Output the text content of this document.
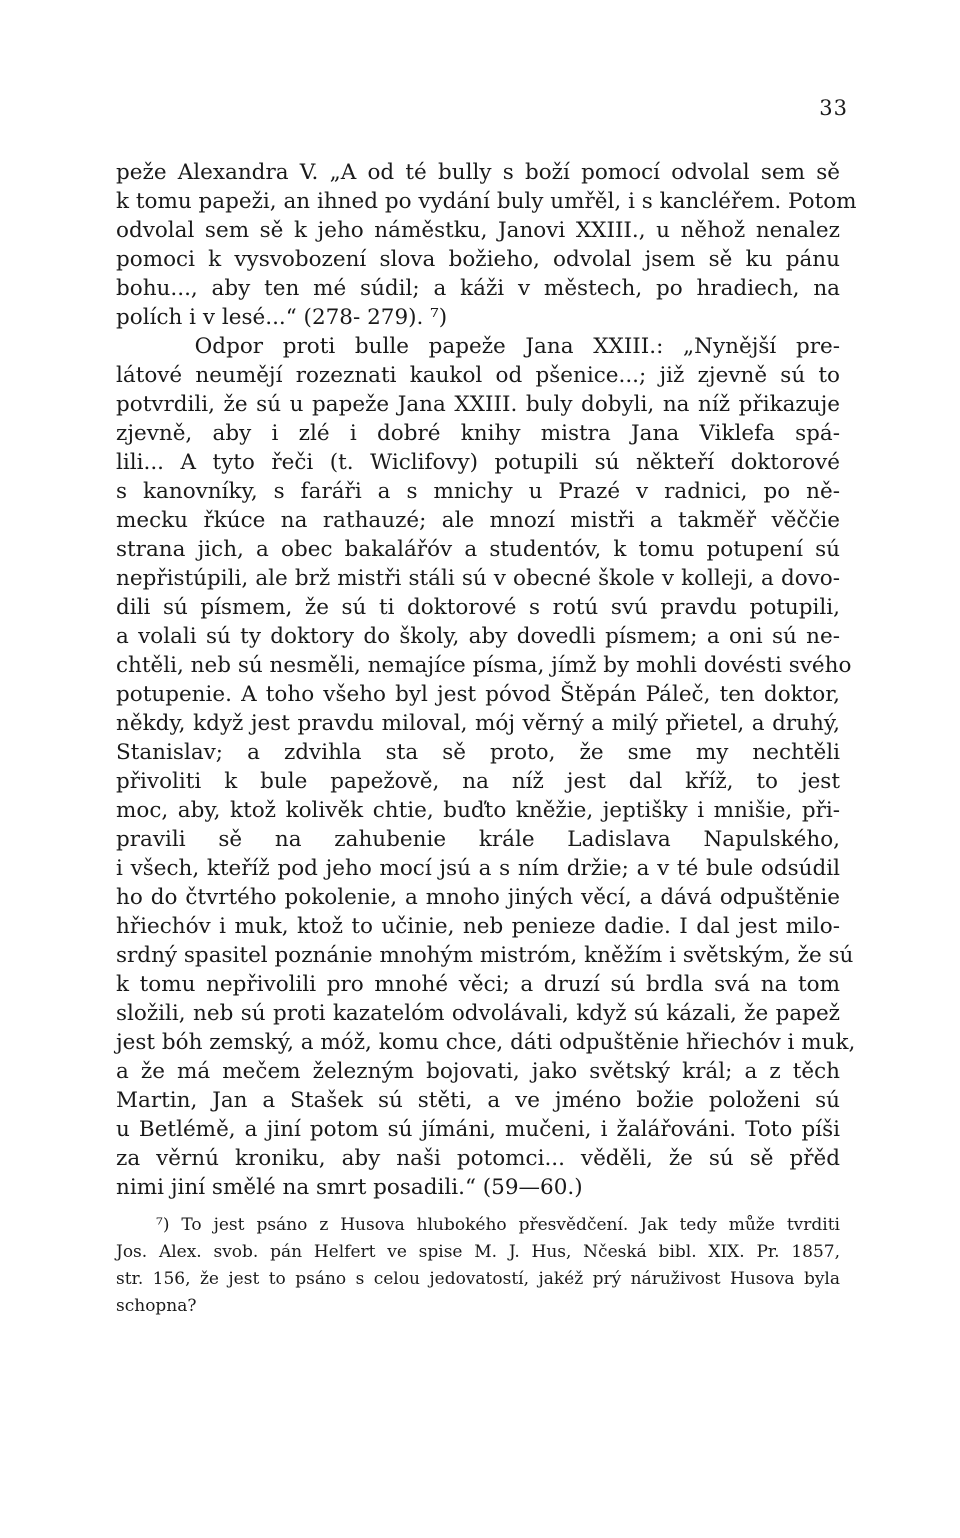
33
peže Alexandra V. „A od té bully s boží pomocí odvolal sem sě
k tomu papeži, an ihned po vydání buly umřěl, i s kancléřem. Potom
odvolal sem sě k jeho náměstku, Janovi XXIII., u něhož nenalez
pomoci k vysvobození slova božieho, odvolal jsem sě ku pánu
bohu..., aby ten mé súdil; a káži v městech, po hradiech, na
polích i v lesé...“ (278- 279). ⁷)
Odpor proti bulle papeže Jana XXIII.: „Nynější pre-
látové neumějí rozeznati kaukol od pšenice...; již zjevně sú to
potvrdili, že sú u papeže Jana XXIII. buly dobyli, na níž přikazuje
zjevně, aby i zlé i dobré knihy mistra Jana Viklefa spá-
lili... A tyto řeči (t. Wiclifovy) potupili sú někteří doktorové
s kanovníky, s faráři a s mnichy u Prazé v radnici, po ně-
mecku řkúce na rathauzé; ale mnozí mistři a takměř věččie
strana jich, a obec bakalářóv a studentóv, k tomu potupení sú
nepřistúpili, ale brž mistři stáli sú v obecné škole v kolleji, a dovo-
dili sú písmem, že sú ti doktorové s rotú svú pravdu potupili,
a volali sú ty doktory do školy, aby dovedli písmem; a oni sú ne-
chtěli, neb sú nesměli, nemajíce písma, jímž by mohli dovésti svého
potupenie. A toho všeho byl jest póvod Štěpán Páleč, ten doktor,
někdy, když jest pravdu miloval, mój věrný a milý přietel, a druhý,
Stanislav; a zdvihla sta sě proto, že sme my nechtěli
přivoliti k bule papežově, na níž jest dal kříž, to jest
moc, aby, ktož kolivěk chtie, buďto kněžie, jeptišky i mnišie, při-
pravili sě na zahubenie krále Ladislava Napulského,
i všech, kteříž pod jeho mocí jsú a s ním držie; a v té bule odsúdil
ho do čtvrtého pokolenie, a mnoho jiných věcí, a dává odpuštěnie
hřiechóv i muk, ktož to učinie, neb penieze dadie. I dal jest milo-
srdný spasitel poznánie mnohým mistróm, kněžím i světským, že sú
k tomu nepřivolili pro mnohé věci; a druzí sú brdla svá na tom
složili, neb sú proti kazatelóm odvolávali, když sú kázali, že papež
jest bóh zemský, a móž, komu chce, dáti odpuštěnie hřiechóv i muk,
a že má mečem železným bojovati, jako světský král; a z těch
Martin, Jan a Stašek sú stěti, a ve jméno božie položeni sú
u Betlémě, a jiní potom sú jímáni, mučeni, i žalářováni. Toto píši
za věrnú kroniku, aby naši potomci... věděli, že sú sě přěd
nimi jiní smělé na smrt posadili.“ (59—60.)
⁷) To jest psáno z Husova hlubokého přesvědčení. Jak tedy může tvrditi
Jos. Alex. svob. pán Helfert ve spise M. J. Hus, Nčeská bibl. XIX. Pr. 1857,
str. 156, že jest to psáno s celou jedovatostí, jakéž prý náruživost Husova byla
schopna?
